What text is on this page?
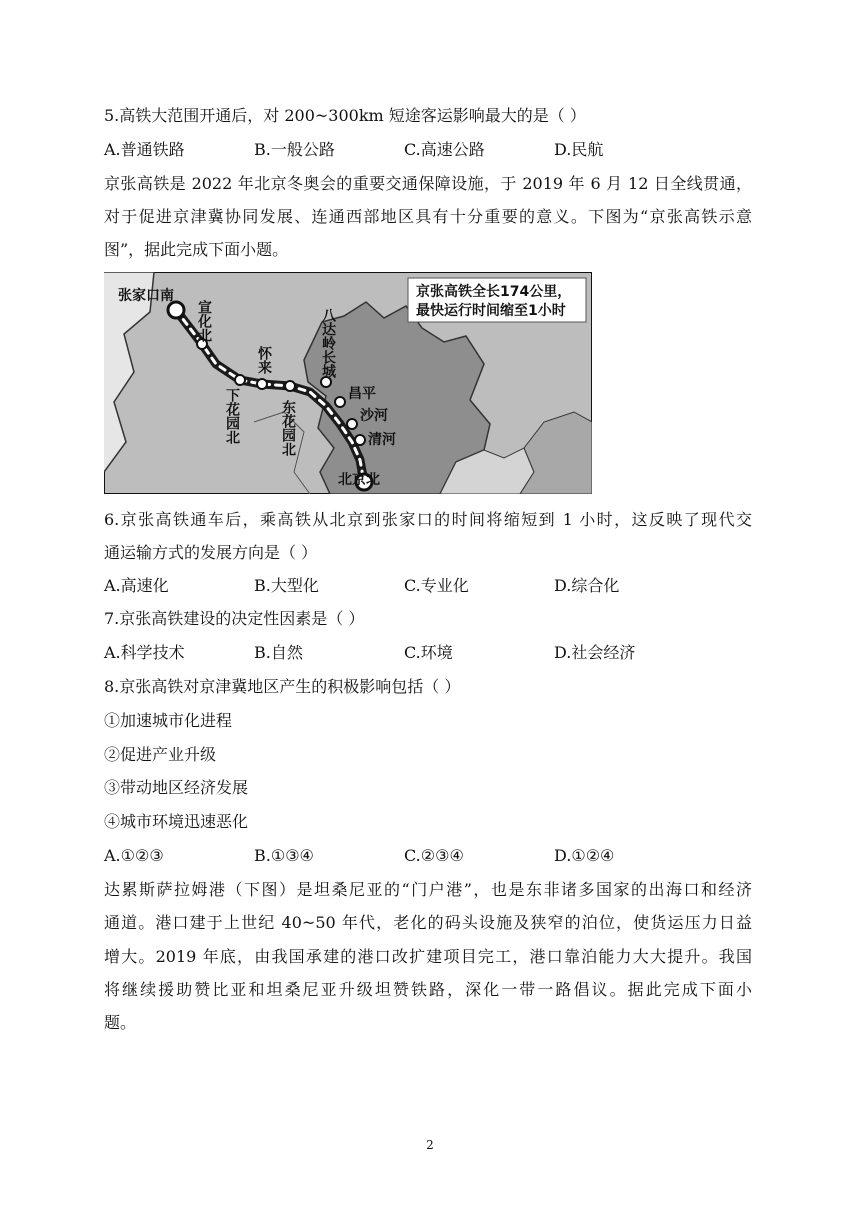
5.高铁大范围开通后，对 200~300km 短途客运影响最大的是（ ）
A.普通铁路	B.一般公路	C.高速公路	D.民航
京张高铁是 2022 年北京冬奥会的重要交通保障设施，于 2019 年 6 月 12 日全线贯通，
对于促进京津冀协同发展、连通西部地区具有十分重要的意义。下图为“京张高铁示意
图”，据此完成下面小题。
京张高铁全长174公里，
最快运行时间缩至1小时
张家口南
宣化北
下花园北
怀来
东花园北
八达岭长城
昌平
沙河
清河
北京北
6.京张高铁通车后，乘高铁从北京到张家口的时间将缩短到 1 小时，这反映了现代交
通运输方式的发展方向是（ ）
A.高速化	B.大型化	C.专业化	D.综合化
7.京张高铁建设的决定性因素是（ ）
A.科学技术	B.自然	C.环境	D.社会经济
8.京张高铁对京津冀地区产生的积极影响包括（ ）
①加速城市化进程
②促进产业升级
③带动地区经济发展
④城市环境迅速恶化
A.①②③	B.①③④	C.②③④	D.①②④
达累斯萨拉姆港（下图）是坦桑尼亚的“门户港”，也是东非诸多国家的出海口和经济
通道。港口建于上世纪 40~50 年代，老化的码头设施及狭窄的泊位，使货运压力日益
增大。2019 年底，由我国承建的港口改扩建项目完工，港口靠泊能力大大提升。我国
将继续援助赞比亚和坦桑尼亚升级坦赞铁路，深化一带一路倡议。据此完成下面小
题。
2
